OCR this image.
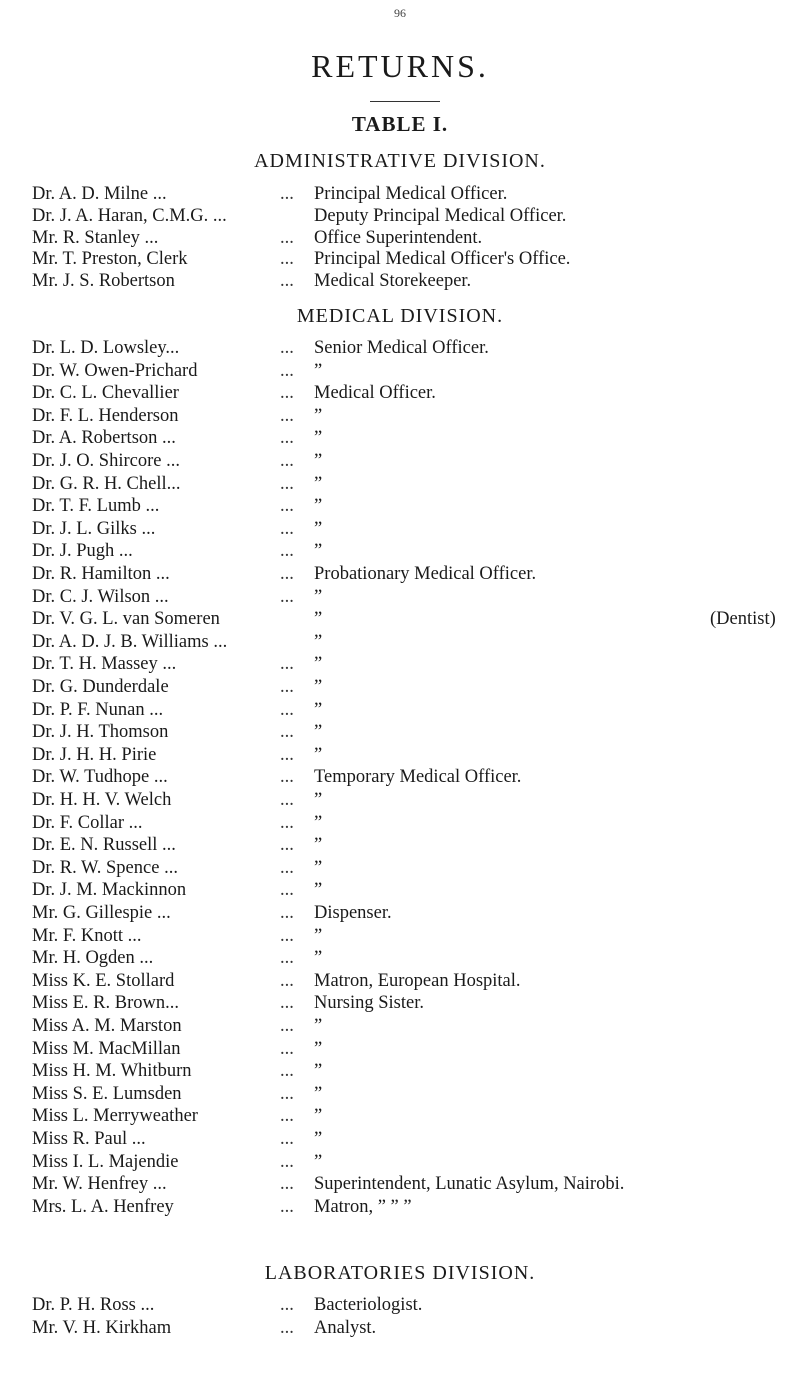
96
RETURNS.
TABLE I.
ADMINISTRATIVE DIVISION.
Dr. A. D. Milne ...	... Principal Medical Officer.
Dr. J. A. Haran, C.M.G. ...	Deputy Principal Medical Officer.
Mr. R. Stanley ...	... Office Superintendent.
Mr. T. Preston, Clerk	... Principal Medical Officer's Office.
Mr. J. S. Robertson	... Medical Storekeeper.
MEDICAL DIVISION.
Dr. L. D. Lowsley...	... Senior Medical Officer.
Dr. W. Owen-Prichard	... ”
Dr. C. L. Chevallier	... Medical Officer.
Dr. F. L. Henderson	... ”
Dr. A. Robertson ...	... ”
Dr. J. O. Shircore ...	... ”
Dr. G. R. H. Chell...	... ”
Dr. T. F. Lumb ...	... ”
Dr. J. L. Gilks ...	... ”
Dr. J. Pugh ...	... ”
Dr. R. Hamilton ...	... Probationary Medical Officer.
Dr. C. J. Wilson ...	... ”
Dr. V. G. L. van Someren	”	(Dentist)
Dr. A. D. J. B. Williams ...	”
Dr. T. H. Massey ...	... ”
Dr. G. Dunderdale	... ”
Dr. P. F. Nunan ...	... ”
Dr. J. H. Thomson	... ”
Dr. J. H. H. Pirie	... ”
Dr. W. Tudhope ...	... Temporary Medical Officer.
Dr. H. H. V. Welch	... ”
Dr. F. Collar ...	... ”
Dr. E. N. Russell ...	... ”
Dr. R. W. Spence ...	... ”
Dr. J. M. Mackinnon	... ”
Mr. G. Gillespie ...	... Dispenser.
Mr. F. Knott ...	... ”
Mr. H. Ogden ...	... ”
Miss K. E. Stollard	... Matron, European Hospital.
Miss E. R. Brown...	... Nursing Sister.
Miss A. M. Marston	... ”
Miss M. MacMillan	... ”
Miss H. M. Whitburn	... ”
Miss S. E. Lumsden	... ”
Miss L. Merryweather	... ”
Miss R. Paul ...	... ”
Miss I. L. Majendie	... ”
Mr. W. Henfrey ...	... Superintendent, Lunatic Asylum, Nairobi.
Mrs. L. A. Henfrey	... Matron, ” ” ”
LABORATORIES DIVISION.
Dr. P. H. Ross ...	... Bacteriologist.
Mr. V. H. Kirkham	... Analyst.
